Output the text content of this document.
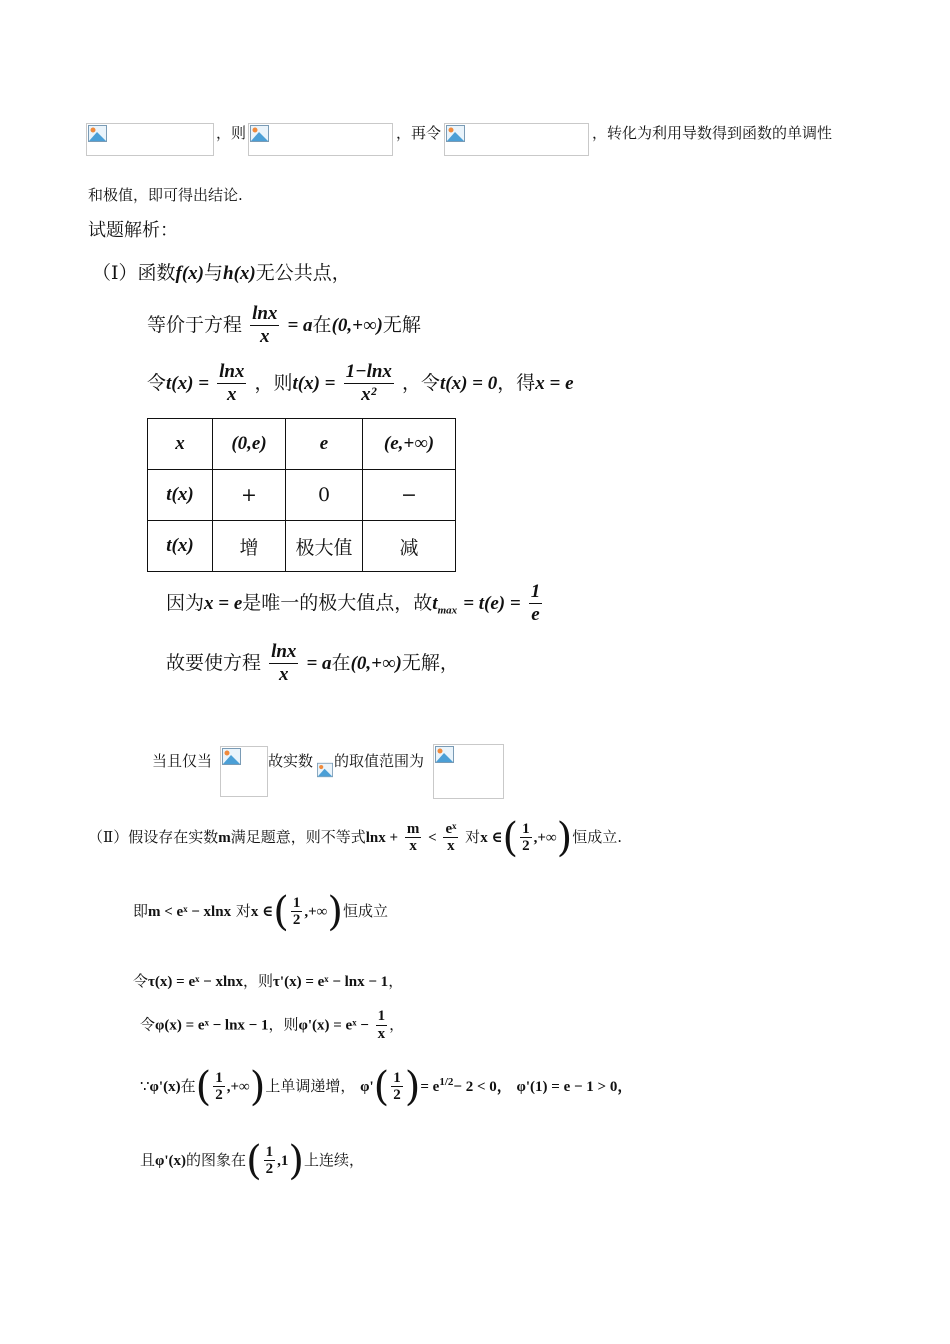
，则	，再令	，转化为利用导数得到函数的单调性
和极值，即可得出结论.
试题解析：
（Ⅰ）函数f(x)与h(x)无公共点，
等价于方程 $\frac{\ln x}{x} = a$在(0,+∞)无解
令$t(x) = \frac{\ln x}{x}$ ，则$t(x) = \frac{1-\ln x}{\text{x²}}$ ，令t(x) = 0，得x = e
x	(0,e)	e	(e,+∞)
t(x)	+	0	−
t(x)	增	极大值	减
因为x = e是唯一的极大值点，故$t_{max} = t(e) = \frac{1}{e}$
故要使方程 $\frac{\ln x}{x} = a$在(0,+∞)无解，
当且仅当	故实数 的取值范围为
（Ⅱ）假设存在实数m满足题意，则不等式$\ln x + \frac{m}{x} < \frac{\text{eˣ}}{x}$ 对x ∈( $\frac{1}{2}$ ,+∞)恒成立.
即m < eˣ − xlnx 对x ∈( $\frac{1}{2}$ ,+∞)恒成立
令τ(x) = eˣ − xlnx，则τ'(x) = eˣ − lnx − 1，
令φ(x) = eˣ − lnx − 1，则φ'(x) = eˣ − $\frac{1}{x}$ ，
∵φ'(x)在( $\frac{1}{2}$ ,+∞)上单调递增， $\varphi'( \frac{1}{2}$ )= $e^{1/2}- 2 < 0$， φ'(1) = e − 1 > 0，
且φ'(x)的图象在( $\frac{1}{2} ,1$)上连续，
